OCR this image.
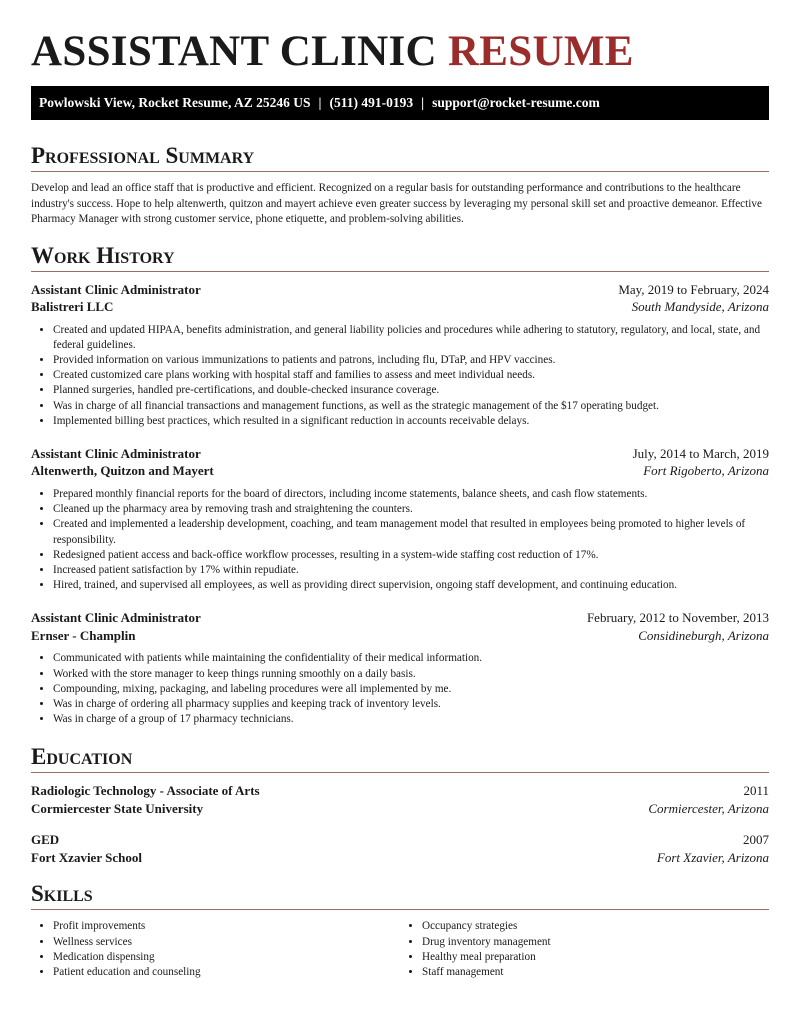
ASSISTANT CLINIC RESUME
Powlowski View, Rocket Resume, AZ 25246 US | (511) 491-0193 | support@rocket-resume.com
Professional Summary

Develop and lead an office staff that is productive and efficient. Recognized on a regular basis for outstanding performance and contributions to the healthcare industry's success. Hope to help altenwerth, quitzon and mayert achieve even greater success by leveraging my personal skill set and proactive demeanor. Effective Pharmacy Manager with strong customer service, phone etiquette, and problem-solving abilities.

Work History
Assistant Clinic Administrator	May, 2019 to February, 2024
Balistreri LLC	South Mandyside, Arizona
• Created and updated HIPAA, benefits administration, and general liability policies and procedures while adhering to statutory, regulatory, and local, state, and federal guidelines.
• Provided information on various immunizations to patients and patrons, including flu, DTaP, and HPV vaccines.
• Created customized care plans working with hospital staff and families to assess and meet individual needs.
• Planned surgeries, handled pre-certifications, and double-checked insurance coverage.
• Was in charge of all financial transactions and management functions, as well as the strategic management of the $17 operating budget.
• Implemented billing best practices, which resulted in a significant reduction in accounts receivable delays.
Assistant Clinic Administrator	July, 2014 to March, 2019
Altenwerth, Quitzon and Mayert	Fort Rigoberto, Arizona
• Prepared monthly financial reports for the board of directors, including income statements, balance sheets, and cash flow statements.
• Cleaned up the pharmacy area by removing trash and straightening the counters.
• Created and implemented a leadership development, coaching, and team management model that resulted in employees being promoted to higher levels of responsibility.
• Redesigned patient access and back-office workflow processes, resulting in a system-wide staffing cost reduction of 17%.
• Increased patient satisfaction by 17% within repudiate.
• Hired, trained, and supervised all employees, as well as providing direct supervision, ongoing staff development, and continuing education.
Assistant Clinic Administrator	February, 2012 to November, 2013
Ernser - Champlin	Considineburgh, Arizona
• Communicated with patients while maintaining the confidentiality of their medical information.
• Worked with the store manager to keep things running smoothly on a daily basis.
• Compounding, mixing, packaging, and labeling procedures were all implemented by me.
• Was in charge of ordering all pharmacy supplies and keeping track of inventory levels.
• Was in charge of a group of 17 pharmacy technicians.
Education
Radiologic Technology - Associate of Arts	2011
Cormiercester State University	Cormiercester, Arizona
GED	2007
Fort Xzavier School	Fort Xzavier, Arizona
Skills
• Profit improvements
• Wellness services
• Medication dispensing
• Patient education and counseling
• Occupancy strategies
• Drug inventory management
• Healthy meal preparation
• Staff management
